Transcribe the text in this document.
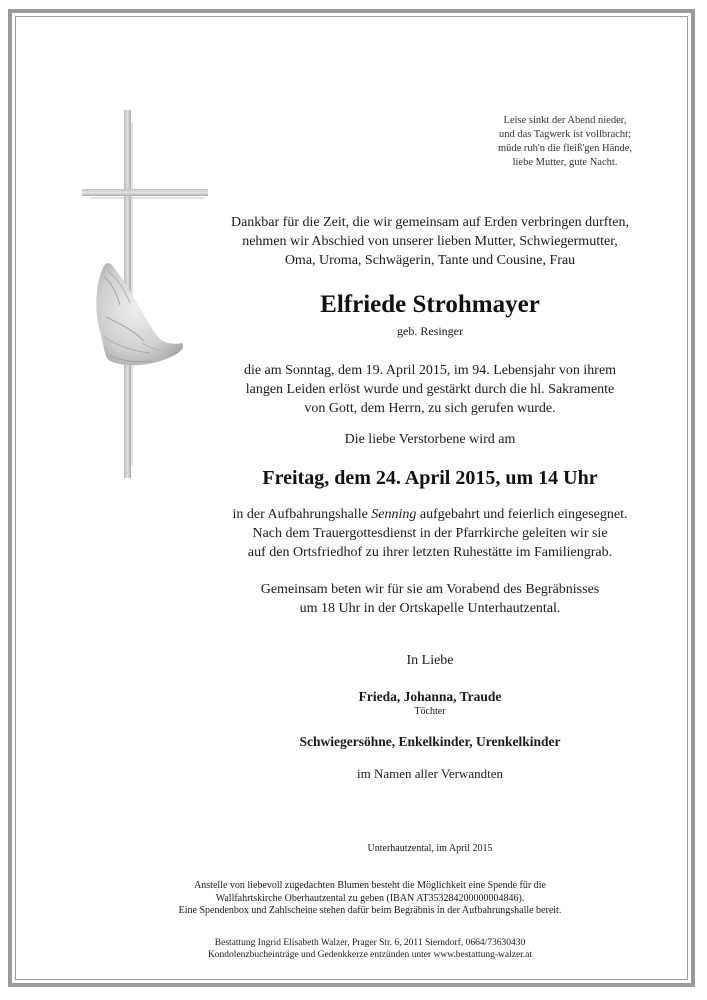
Leise sinkt der Abend nieder,
und das Tagwerk ist vollbracht;
müde ruh'n die fleiß'gen Hände,
liebe Mutter, gute Nacht.
Dankbar für die Zeit, die wir gemeinsam auf Erden verbringen durften,
nehmen wir Abschied von unserer lieben Mutter, Schwiegermutter,
Oma, Uroma, Schwägerin, Tante und Cousine, Frau
Elfriede Strohmayer
geb. Resinger
die am Sonntag, dem 19. April 2015, im 94. Lebensjahr von ihrem
langen Leiden erlöst wurde und gestärkt durch die hl. Sakramente
von Gott, dem Herrn, zu sich gerufen wurde.
Die liebe Verstorbene wird am
Freitag, dem 24. April 2015, um 14 Uhr
in der Aufbahrungshalle Senning aufgebahrt und feierlich eingesegnet.
Nach dem Trauergottesdienst in der Pfarrkirche geleiten wir sie
auf den Ortsfriedhof zu ihrer letzten Ruhestätte im Familiengrab.
Gemeinsam beten wir für sie am Vorabend des Begräbnisses
um 18 Uhr in der Ortskapelle Unterhautzental.
In Liebe
Frieda, Johanna, Traude
Töchter
Schwiegersöhne, Enkelkinder, Urenkelkinder
im Namen aller Verwandten
Unterhautzental, im April 2015
Anstelle von liebevoll zugedachten Blumen besteht die Möglichkeit eine Spende für die
Wallfahrtskirche Oberhautzental zu geben (IBAN AT353284200000004846).
Eine Spendenbox und Zahlscheine stehen dafür beim Begräbnis in der Aufbahrungshalle bereit.
Bestattung Ingrid Elisabeth Walzer, Prager Str. 6, 2011 Sierndorf, 0664/73630430
Kondolenzbucheinträge und Gedenkkerze entzünden unter www.bestattung-walzer.at
